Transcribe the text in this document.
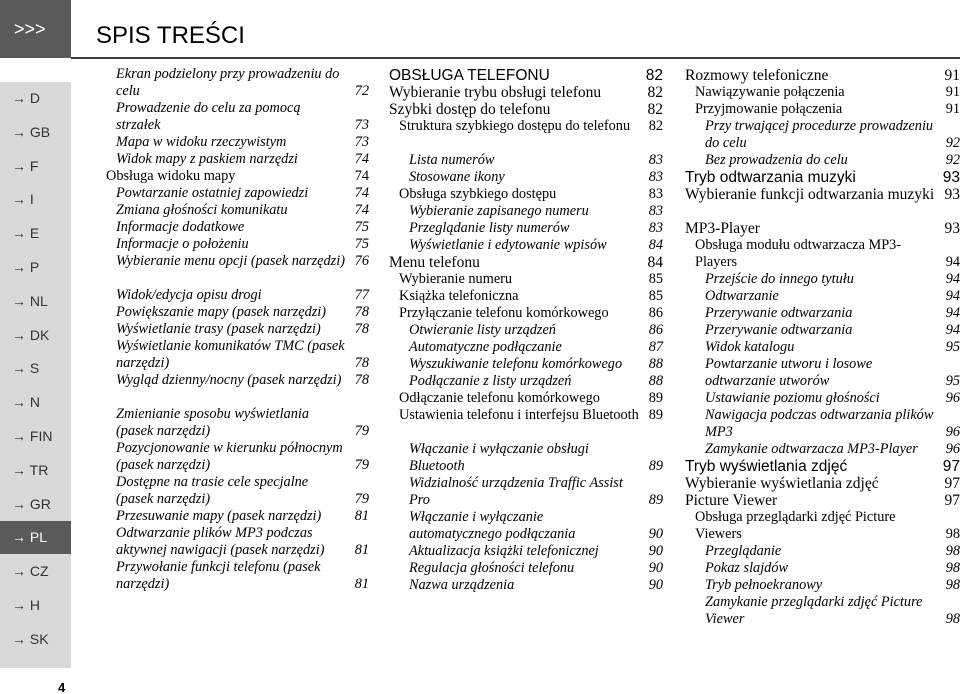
>>>	SPIS TREŚCI
→ D
→ GB
→ F
→ I
→ E
→ P
→ NL
→ DK
→ S
→ N
→ FIN
→ TR
→ GR
→ PL
→ CZ
→ H
→ SK
Ekran podzielony przy prowadzeniu do celu	72
Prowadzenie do celu za pomocą strzałek	73
Mapa w widoku rzeczywistym	73
Widok mapy z paskiem narzędzi	74
Obsługa widoku mapy	74
Powtarzanie ostatniej zapowiedzi	74
Zmiana głośności komunikatu	74
Informacje dodatkowe	75
Informacje o położeniu	75
Wybieranie menu opcji (pasek narzędzi) 76
Widok/edycja opisu drogi	77
Powiększanie mapy (pasek narzędzi)	78
Wyświetlanie trasy (pasek narzędzi)	78
Wyświetlanie komunikatów TMC (pasek narzędzi)	78
Wygląd dzienny/nocny (pasek narzędzi) 78
Zmienianie sposobu wyświetlania (pasek narzędzi)	79
Pozycjonowanie w kierunku północnym (pasek narzędzi)	79
Dostępne na trasie cele specjalne (pasek narzędzi)	79
Przesuwanie mapy (pasek narzędzi)	81
Odtwarzanie plików MP3 podczas aktywnej nawigacji (pasek narzędzi)	81
Przywołanie funkcji telefonu (pasek narzędzi)	81
OBSŁUGA TELEFONU	82
Wybieranie trybu obsługi telefonu	82
Szybki dostęp do telefonu	82
Struktura szybkiego dostępu do telefonu	82
Lista numerów	83
Stosowane ikony	83
Obsługa szybkiego dostępu	83
Wybieranie zapisanego numeru	83
Przeglądanie listy numerów	83
Wyświetlanie i edytowanie wpisów	84
Menu telefonu	84
Wybieranie numeru	85
Książka telefoniczna	85
Przyłączanie telefonu komórkowego	86
Otwieranie listy urządzeń	86
Automatyczne podłączanie	87
Wyszukiwanie telefonu komórkowego	88
Podłączanie z listy urządzeń	88
Odłączanie telefonu komórkowego	89
Ustawienia telefonu i interfejsu Bluetooth 89
Włączanie i wyłączanie obsługi Bluetooth	89
Widzialność urządzenia Traffic Assist Pro	89
Włączanie i wyłączanie automatycznego podłączania	90
Aktualizacja książki telefonicznej	90
Regulacja głośności telefonu	90
Nazwa urządzenia	90
Rozmowy telefoniczne	91
Nawiązywanie połączenia	91
Przyjmowanie połączenia	91
Przy trwającej procedurze prowadzeniu do celu	92
Bez prowadzenia do celu	92
Tryb odtwarzania muzyki	93
Wybieranie funkcji odtwarzania muzyki 93
MP3-Player	93
Obsługa modułu odtwarzacza MP3-Players	94
Przejście do innego tytułu	94
Odtwarzanie	94
Przerywanie odtwarzania	94
Przerywanie odtwarzania	94
Widok katalogu	95
Powtarzanie utworu i losowe odtwarzanie utworów	95
Ustawianie poziomu głośności	96
Nawigacja podczas odtwarzania plików MP3	96
Zamykanie odtwarzacza MP3-Player	96
Tryb wyświetlania zdjęć	97
Wybieranie wyświetlania zdjęć	97
Picture Viewer	97
Obsługa przeglądarki zdjęć Picture Viewers	98
Przeglądanie	98
Pokaz slajdów	98
Tryb pełnoekranowy	98
Zamykanie przeglądarki zdjęć Picture Viewer	98
4
